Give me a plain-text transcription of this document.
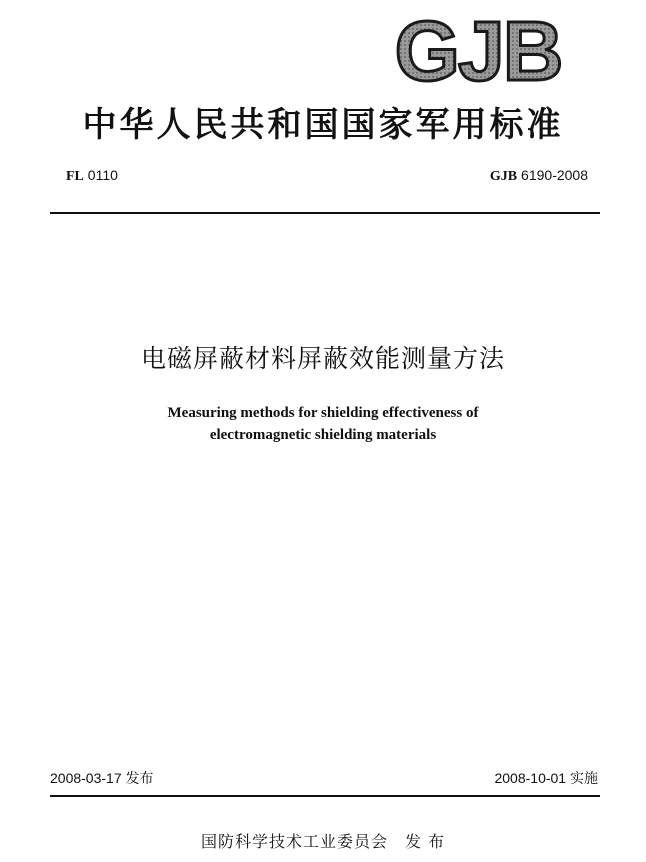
GJB
中华人民共和国国家军用标准
FL 0110	GJB 6190-2008
电磁屏蔽材料屏蔽效能测量方法
Measuring methods for shielding effectiveness of
electromagnetic shielding materials
2008-03-17 发布	2008-10-01 实施
国防科学技术工业委员会　发 布
